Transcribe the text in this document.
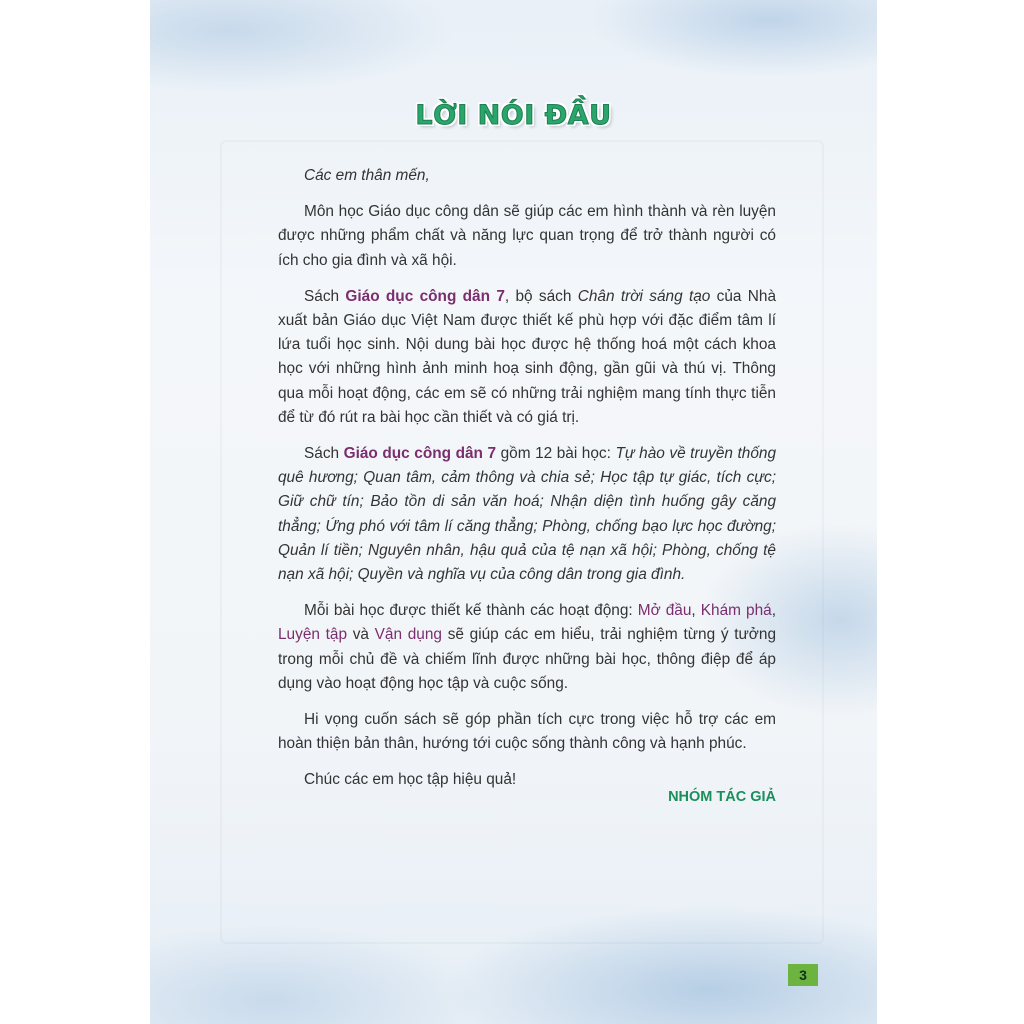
LỜI NÓI ĐẦU

Các em thân mến,

Môn học Giáo dục công dân sẽ giúp các em hình thành và rèn luyện được những phẩm chất và năng lực quan trọng để trở thành người có ích cho gia đình và xã hội.

Sách Giáo dục công dân 7, bộ sách Chân trời sáng tạo của Nhà xuất bản Giáo dục Việt Nam được thiết kế phù hợp với đặc điểm tâm lí lứa tuổi học sinh. Nội dung bài học được hệ thống hoá một cách khoa học với những hình ảnh minh hoạ sinh động, gần gũi và thú vị. Thông qua mỗi hoạt động, các em sẽ có những trải nghiệm mang tính thực tiễn để từ đó rút ra bài học cần thiết và có giá trị.

Sách Giáo dục công dân 7 gồm 12 bài học: Tự hào về truyền thống quê hương; Quan tâm, cảm thông và chia sẻ; Học tập tự giác, tích cực; Giữ chữ tín; Bảo tồn di sản văn hoá; Nhận diện tình huống gây căng thẳng; Ứng phó với tâm lí căng thẳng; Phòng, chống bạo lực học đường; Quản lí tiền; Nguyên nhân, hậu quả của tệ nạn xã hội; Phòng, chống tệ nạn xã hội; Quyền và nghĩa vụ của công dân trong gia đình.

Mỗi bài học được thiết kế thành các hoạt động: Mở đầu, Khám phá, Luyện tập và Vận dụng sẽ giúp các em hiểu, trải nghiệm từng ý tưởng trong mỗi chủ đề và chiếm lĩnh được những bài học, thông điệp để áp dụng vào hoạt động học tập và cuộc sống.

Hi vọng cuốn sách sẽ góp phần tích cực trong việc hỗ trợ các em hoàn thiện bản thân, hướng tới cuộc sống thành công và hạnh phúc.

Chúc các em học tập hiệu quả!

NHÓM TÁC GIẢ
3
